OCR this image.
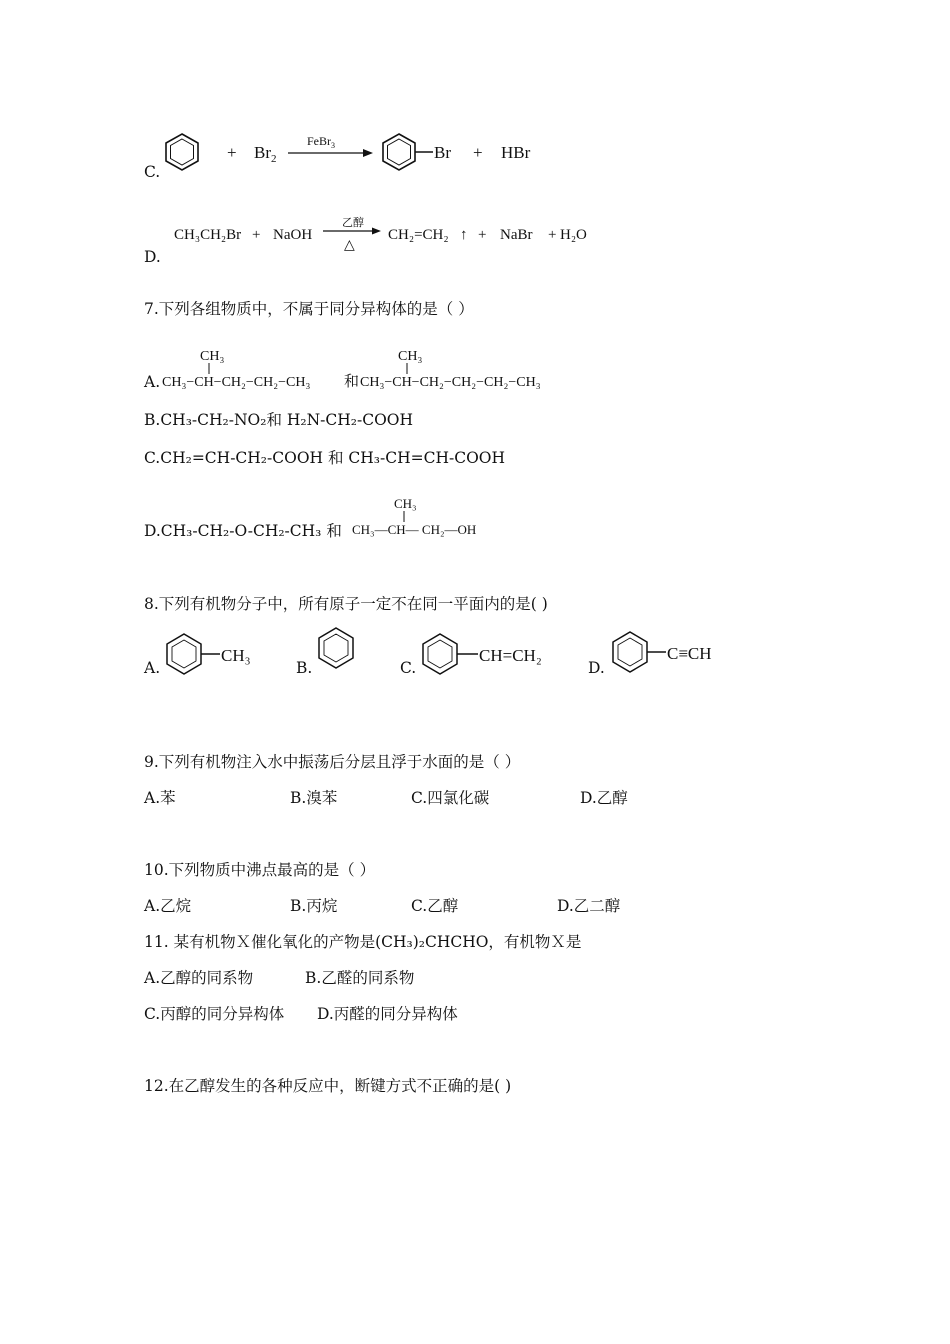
C.
+ $Br_2$
FeBr$_3$	Br + HBr
D.
CH₃CH₂Br + NaOH
乙醇
△
CH₂=CH₂ ↑ + NaBr + H₂O
7.下列各组物质中，不属于同分异构体的是（ ）
A.
CH₃
CH₃−CH−CH₂−CH₂−CH₃ 和
CH₃
CH₃−CH−CH₂−CH₂−CH₂−CH₃
B.CH₃-CH₂-NO₂和 H₂N-CH₂-COOH
C.CH₂=CH-CH₂-COOH 和 CH₃-CH=CH-COOH
D.CH₃-CH₂-O-CH₂-CH₃ 和
CH₃
CH₃—CH— CH₂—OH
8.下列有机物分子中，所有原子一定不在同一平面内的是( )
A.
CH₃
B.	C.
CH=CH₂
D.
C≡CH
9.下列有机物注入水中振荡后分层且浮于水面的是（ ）
A.苯	B.溴苯	C.四氯化碳	D.乙醇
10.下列物质中沸点最高的是（ ）
A.乙烷	B.丙烷	C.乙醇	D.乙二醇
11. 某有机物Ｘ催化氧化的产物是(CH₃)₂CHCHO，有机物Ｘ是
A.乙醇的同系物	B.乙醛的同系物
C.丙醇的同分异构体 D.丙醛的同分异构体
12.在乙醇发生的各种反应中，断键方式不正确的是( )
